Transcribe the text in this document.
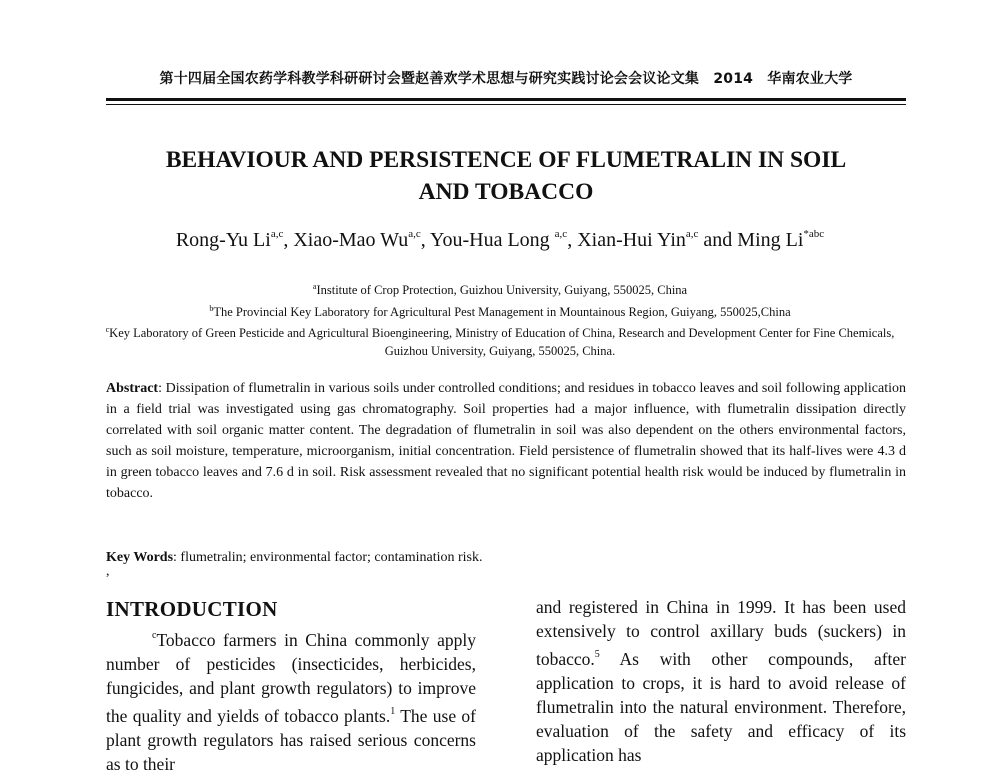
第十四届全国农药学科教学科研研讨会暨赵善欢学术思想与研究实践讨论会会议论文集　2014　华南农业大学
BEHAVIOUR AND PERSISTENCE OF FLUMETRALIN IN SOIL
AND TOBACCO
Rong-Yu Li$^{a,c}$, Xiao-Mao Wu$^{a,c}$, You-Hua Long $^{a,c}$, Xian-Hui Yin$^{a,c}$ and Ming $Li^{*abc}$
$^a$Institute of Crop Protection, Guizhou University, Guiyang, 550025, China
$^b$The Provincial Key Laboratory for Agricultural Pest Management in Mountainous Region, Guiyang, 550025,China
$^c$Key Laboratory of Green Pesticide and Agricultural Bioengineering, Ministry of Education of China, Research and Development Center for Fine Chemicals, Guizhou University, Guiyang, 550025, China.
Abstract: Dissipation of flumetralin in various soils under controlled conditions; and residues in tobacco leaves and soil following application in a field trial was investigated using gas chromatography. Soil properties had a major influence, with flumetralin dissipation directly correlated with soil organic matter content. The degradation of flumetralin in soil was also dependent on the others environmental factors, such as soil moisture, temperature, microorganism, initial concentration. Field persistence of flumetralin showed that its half-lives were 4.3 d in green tobacco leaves and 7.6 d in soil. Risk assessment revealed that no significant potential health risk would be induced by flumetralin in tobacco.
Key Words: flumetralin; environmental factor; contamination risk.
,
INTRODUCTION

$^c$Tobacco farmers in China commonly apply number of pesticides (insecticides, herbicides, fungicides, and plant growth regulators) to improve the quality and yields of tobacco plants.$^1$ The use of plant growth regulators has raised serious concerns as to their

and registered in China in 1999. It has been used extensively to control axillary buds (suckers) in tobacco.$^5$ As with other compounds, after application to crops, it is hard to avoid release of flumetralin into the natural environment. Therefore, evaluation of the safety and efficacy of its application has
